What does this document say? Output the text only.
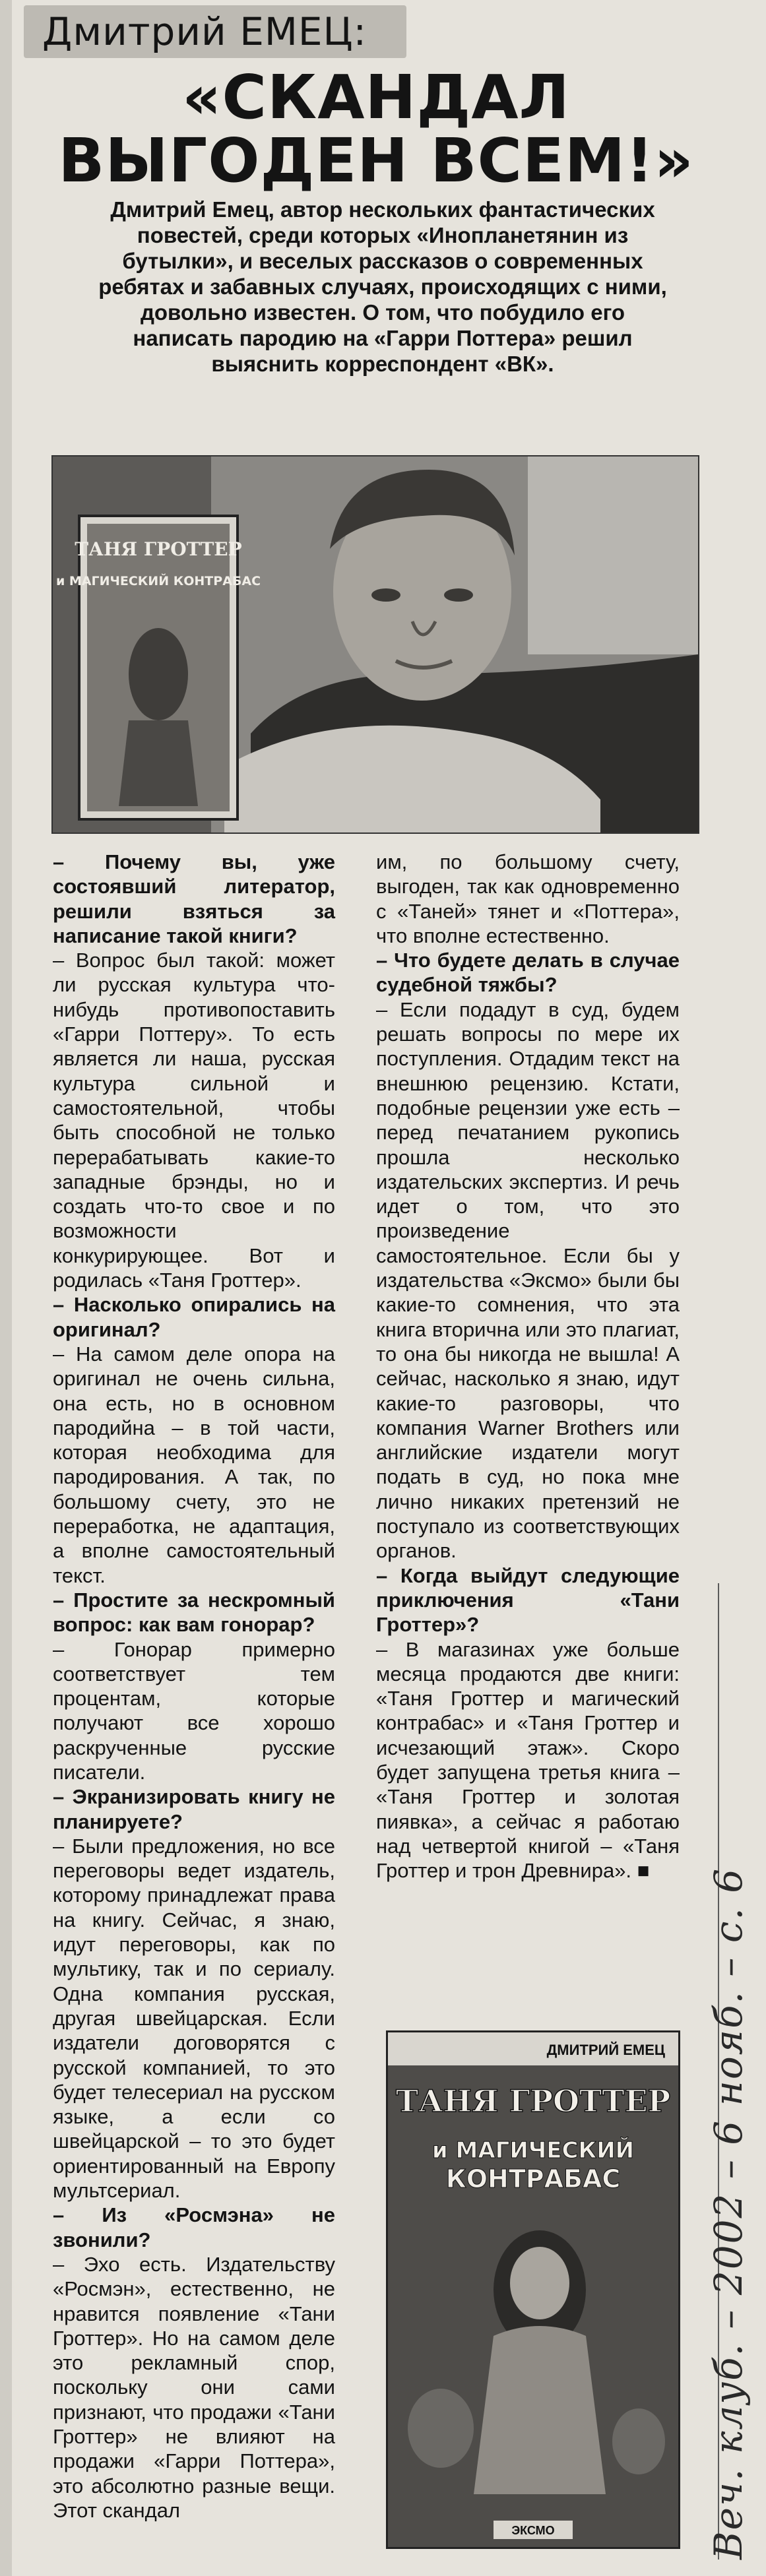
Дмитрий ЕМЕЦ:
«СКАНДАЛ
ВЫГОДЕН ВСЕМ!»
Дмитрий Емец, автор нескольких фантастических повестей, среди которых «Инопланетянин из бутылки», и веселых рассказов о современных ребятах и забавных случаях, происходящих с ними, довольно известен. О том, что побудило его написать пародию на «Гарри Поттера» решил выяснить корреспондент «ВК».
ТАНЯ ГРОТТЕР
и МАГИЧЕСКИЙ КОНТРАБАС

– Почему вы, уже состоявший литератор, решили взяться за написание такой книги?

– Вопрос был такой: может ли русская культура что-нибудь противопоставить «Гарри Поттеру». То есть является ли наша, русская культура сильной и самостоятельной, чтобы быть способной не только перерабатывать какие-то западные брэнды, но и создать что-то свое и по возможности конкурирующее. Вот и родилась «Таня Гроттер».

– Насколько опирались на оригинал?

– На самом деле опора на оригинал не очень сильна, она есть, но в основном пародийна – в той части, которая необходима для пародирования. А так, по большому счету, это не переработка, не адаптация, а вполне самостоятельный текст.

– Простите за нескромный вопрос: как вам гонорар?

– Гонорар примерно соответствует тем процентам, которые получают все хорошо раскрученные русские писатели.

– Экранизировать книгу не планируете?

– Были предложения, но все переговоры ведет издатель, которому принадлежат права на книгу. Сейчас, я знаю, идут переговоры, как по мультику, так и по сериалу. Одна компания русская, другая швейцарская. Если издатели договорятся с русской компанией, то это будет телесериал на русском языке, а если со швейцарской – то это будет ориентированный на Европу мультсериал.

– Из «Росмэна» не звонили?

– Эхо есть. Издательству «Росмэн», естественно, не нравится появление «Тани Гроттер». Но на самом деле это рекламный спор, поскольку они сами признают, что продажи «Тани Гроттер» не влияют на продажи «Гарри Поттера», это абсолютно разные вещи. Этот скандал

им, по большому счету, выгоден, так как одновременно с «Таней» тянет и «Поттера», что вполне естественно.

– Что будете делать в случае судебной тяжбы?

– Если подадут в суд, будем решать вопросы по мере их поступления. Отдадим текст на внешнюю рецензию. Кстати, подобные рецензии уже есть – перед печатанием рукопись прошла несколько издательских экспертиз. И речь идет о том, что это произведение самостоятельное. Если бы у издательства «Эксмо» были бы какие-то сомнения, что эта книга вторична или это плагиат, то она бы никогда не вышла! А сейчас, насколько я знаю, идут какие-то разговоры, что компания Warner Brothers или английские издатели могут подать в суд, но пока мне лично никаких претензий не поступало из соответствующих органов.

– Когда выйдут следующие приключения «Тани Гроттер»?

– В магазинах уже больше месяца продаются две книги: «Таня Гроттер и магический контрабас» и «Таня Гроттер и исчезающий этаж». Скоро будет запущена третья книга – «Таня Гроттер и золотая пиявка», а сейчас я работаю над четвертой книгой – «Таня Гроттер и трон Древнира». ■

ДМИТРИЙ ЕМЕЦ
ТАНЯ ГРОТТЕР
и МАГИЧЕСКИЙ
КОНТРАБАС
ЭКСМО	Веч. клуб. – 2002 – 6 нояб. – с. 6
